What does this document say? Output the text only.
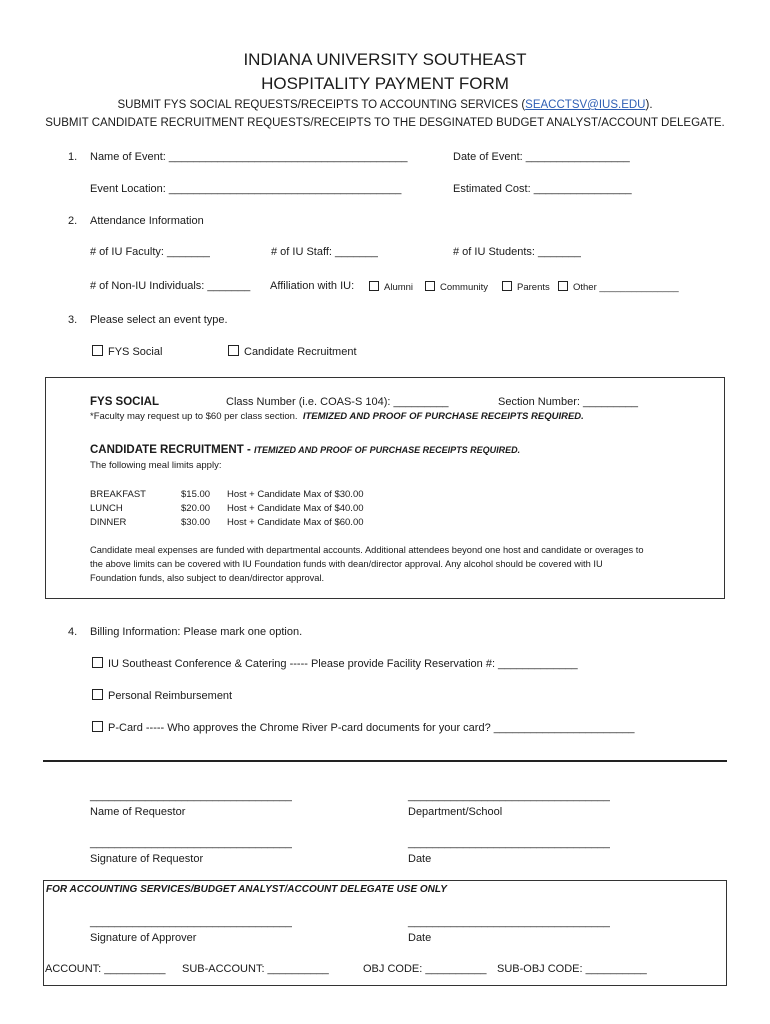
INDIANA UNIVERSITY SOUTHEAST
HOSPITALITY PAYMENT FORM
SUBMIT FYS SOCIAL REQUESTS/RECEIPTS TO ACCOUNTING SERVICES (SEACCTSV@IUS.EDU).
SUBMIT CANDIDATE RECRUITMENT REQUESTS/RECEIPTS TO THE DESGINATED BUDGET ANALYST/ACCOUNT DELEGATE.
1. Name of Event: _______________________________________	Date of Event: _________________
Event Location: ______________________________________	Estimated Cost: ________________
2. Attendance Information
# of IU Faculty: _______	# of IU Staff: _______	# of IU Students: _______
# of Non-IU Individuals: _______ Affiliation with IU:	Alumni	Community	Parents	Other _______________
3. Please select an event type.
FYS Social	Candidate Recruitment
FYS SOCIAL	Class Number (i.e. COAS-S 104): _________	Section Number: _________
*Faculty may request up to $60 per class section. ITEMIZED AND PROOF OF PURCHASE RECEIPTS REQUIRED.
CANDIDATE RECRUITMENT - ITEMIZED AND PROOF OF PURCHASE RECEIPTS REQUIRED.
The following meal limits apply:
BREAKFAST	$15.00 Host + Candidate Max of $30.00
LUNCH	$20.00 Host + Candidate Max of $40.00
DINNER	$30.00 Host + Candidate Max of $60.00
Candidate meal expenses are funded with departmental accounts. Additional attendees beyond one host and candidate or overages to
the above limits can be covered with IU Foundation funds with dean/director approval. Any alcohol should be covered with IU
Foundation funds, also subject to dean/director approval.
4. Billing Information: Please mark one option.
IU Southeast Conference & Catering ----- Please provide Facility Reservation #: _____________
Personal Reimbursement
P-Card ----- Who approves the Chrome River P-card documents for your card? _______________________
_________________________________	_________________________________
Name of Requestor	Department/School
_________________________________	_________________________________
Signature of Requestor	Date
FOR ACCOUNTING SERVICES/BUDGET ANALYST/ACCOUNT DELEGATE USE ONLY
_________________________________	_________________________________
Signature of Approver	Date
ACCOUNT: __________ SUB-ACCOUNT: __________	OBJ CODE: __________ SUB-OBJ CODE: __________
